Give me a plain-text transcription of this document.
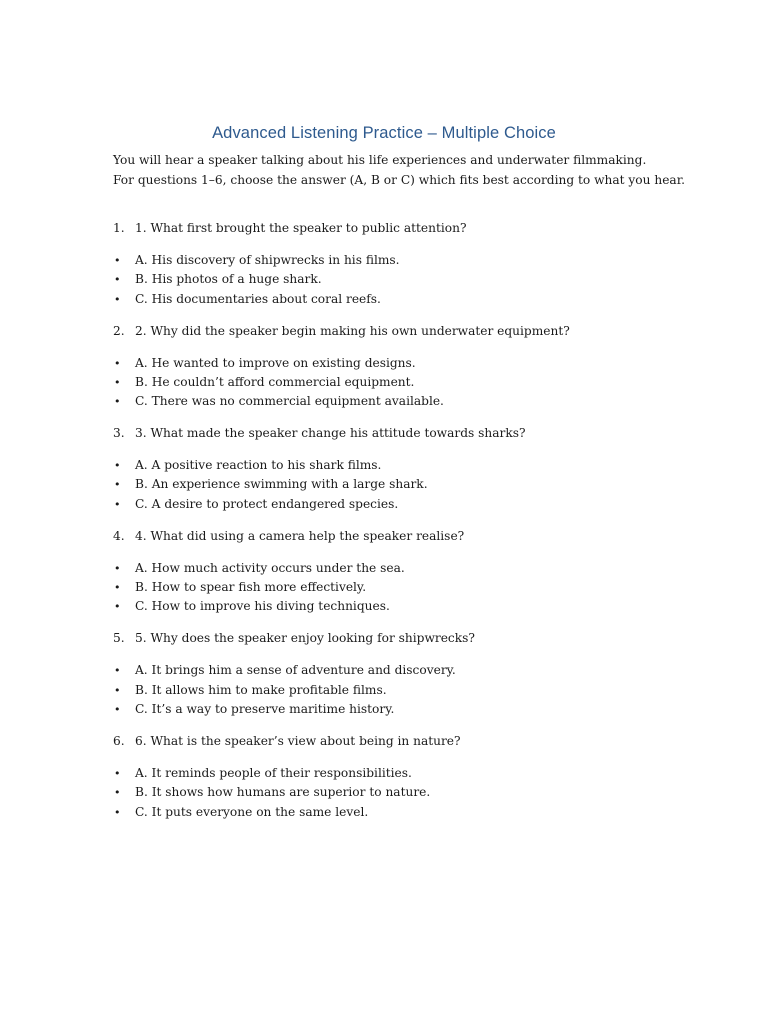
Advanced Listening Practice – Multiple Choice

You will hear a speaker talking about his life experiences and underwater filmmaking.

For questions 1–6, choose the answer (A, B or C) which fits best according to what you hear.

1. 1. What first brought the speaker to public attention?
• A. His discovery of shipwrecks in his films.
• B. His photos of a huge shark.
• C. His documentaries about coral reefs.
2. 2. Why did the speaker begin making his own underwater equipment?
• A. He wanted to improve on existing designs.
• B. He couldn’t afford commercial equipment.
• C. There was no commercial equipment available.
3. 3. What made the speaker change his attitude towards sharks?
• A. A positive reaction to his shark films.
• B. An experience swimming with a large shark.
• C. A desire to protect endangered species.
4. 4. What did using a camera help the speaker realise?
• A. How much activity occurs under the sea.
• B. How to spear fish more effectively.
• C. How to improve his diving techniques.
5. 5. Why does the speaker enjoy looking for shipwrecks?
• A. It brings him a sense of adventure and discovery.
• B. It allows him to make profitable films.
• C. It’s a way to preserve maritime history.
6. 6. What is the speaker’s view about being in nature?
• A. It reminds people of their responsibilities.
• B. It shows how humans are superior to nature.
• C. It puts everyone on the same level.
